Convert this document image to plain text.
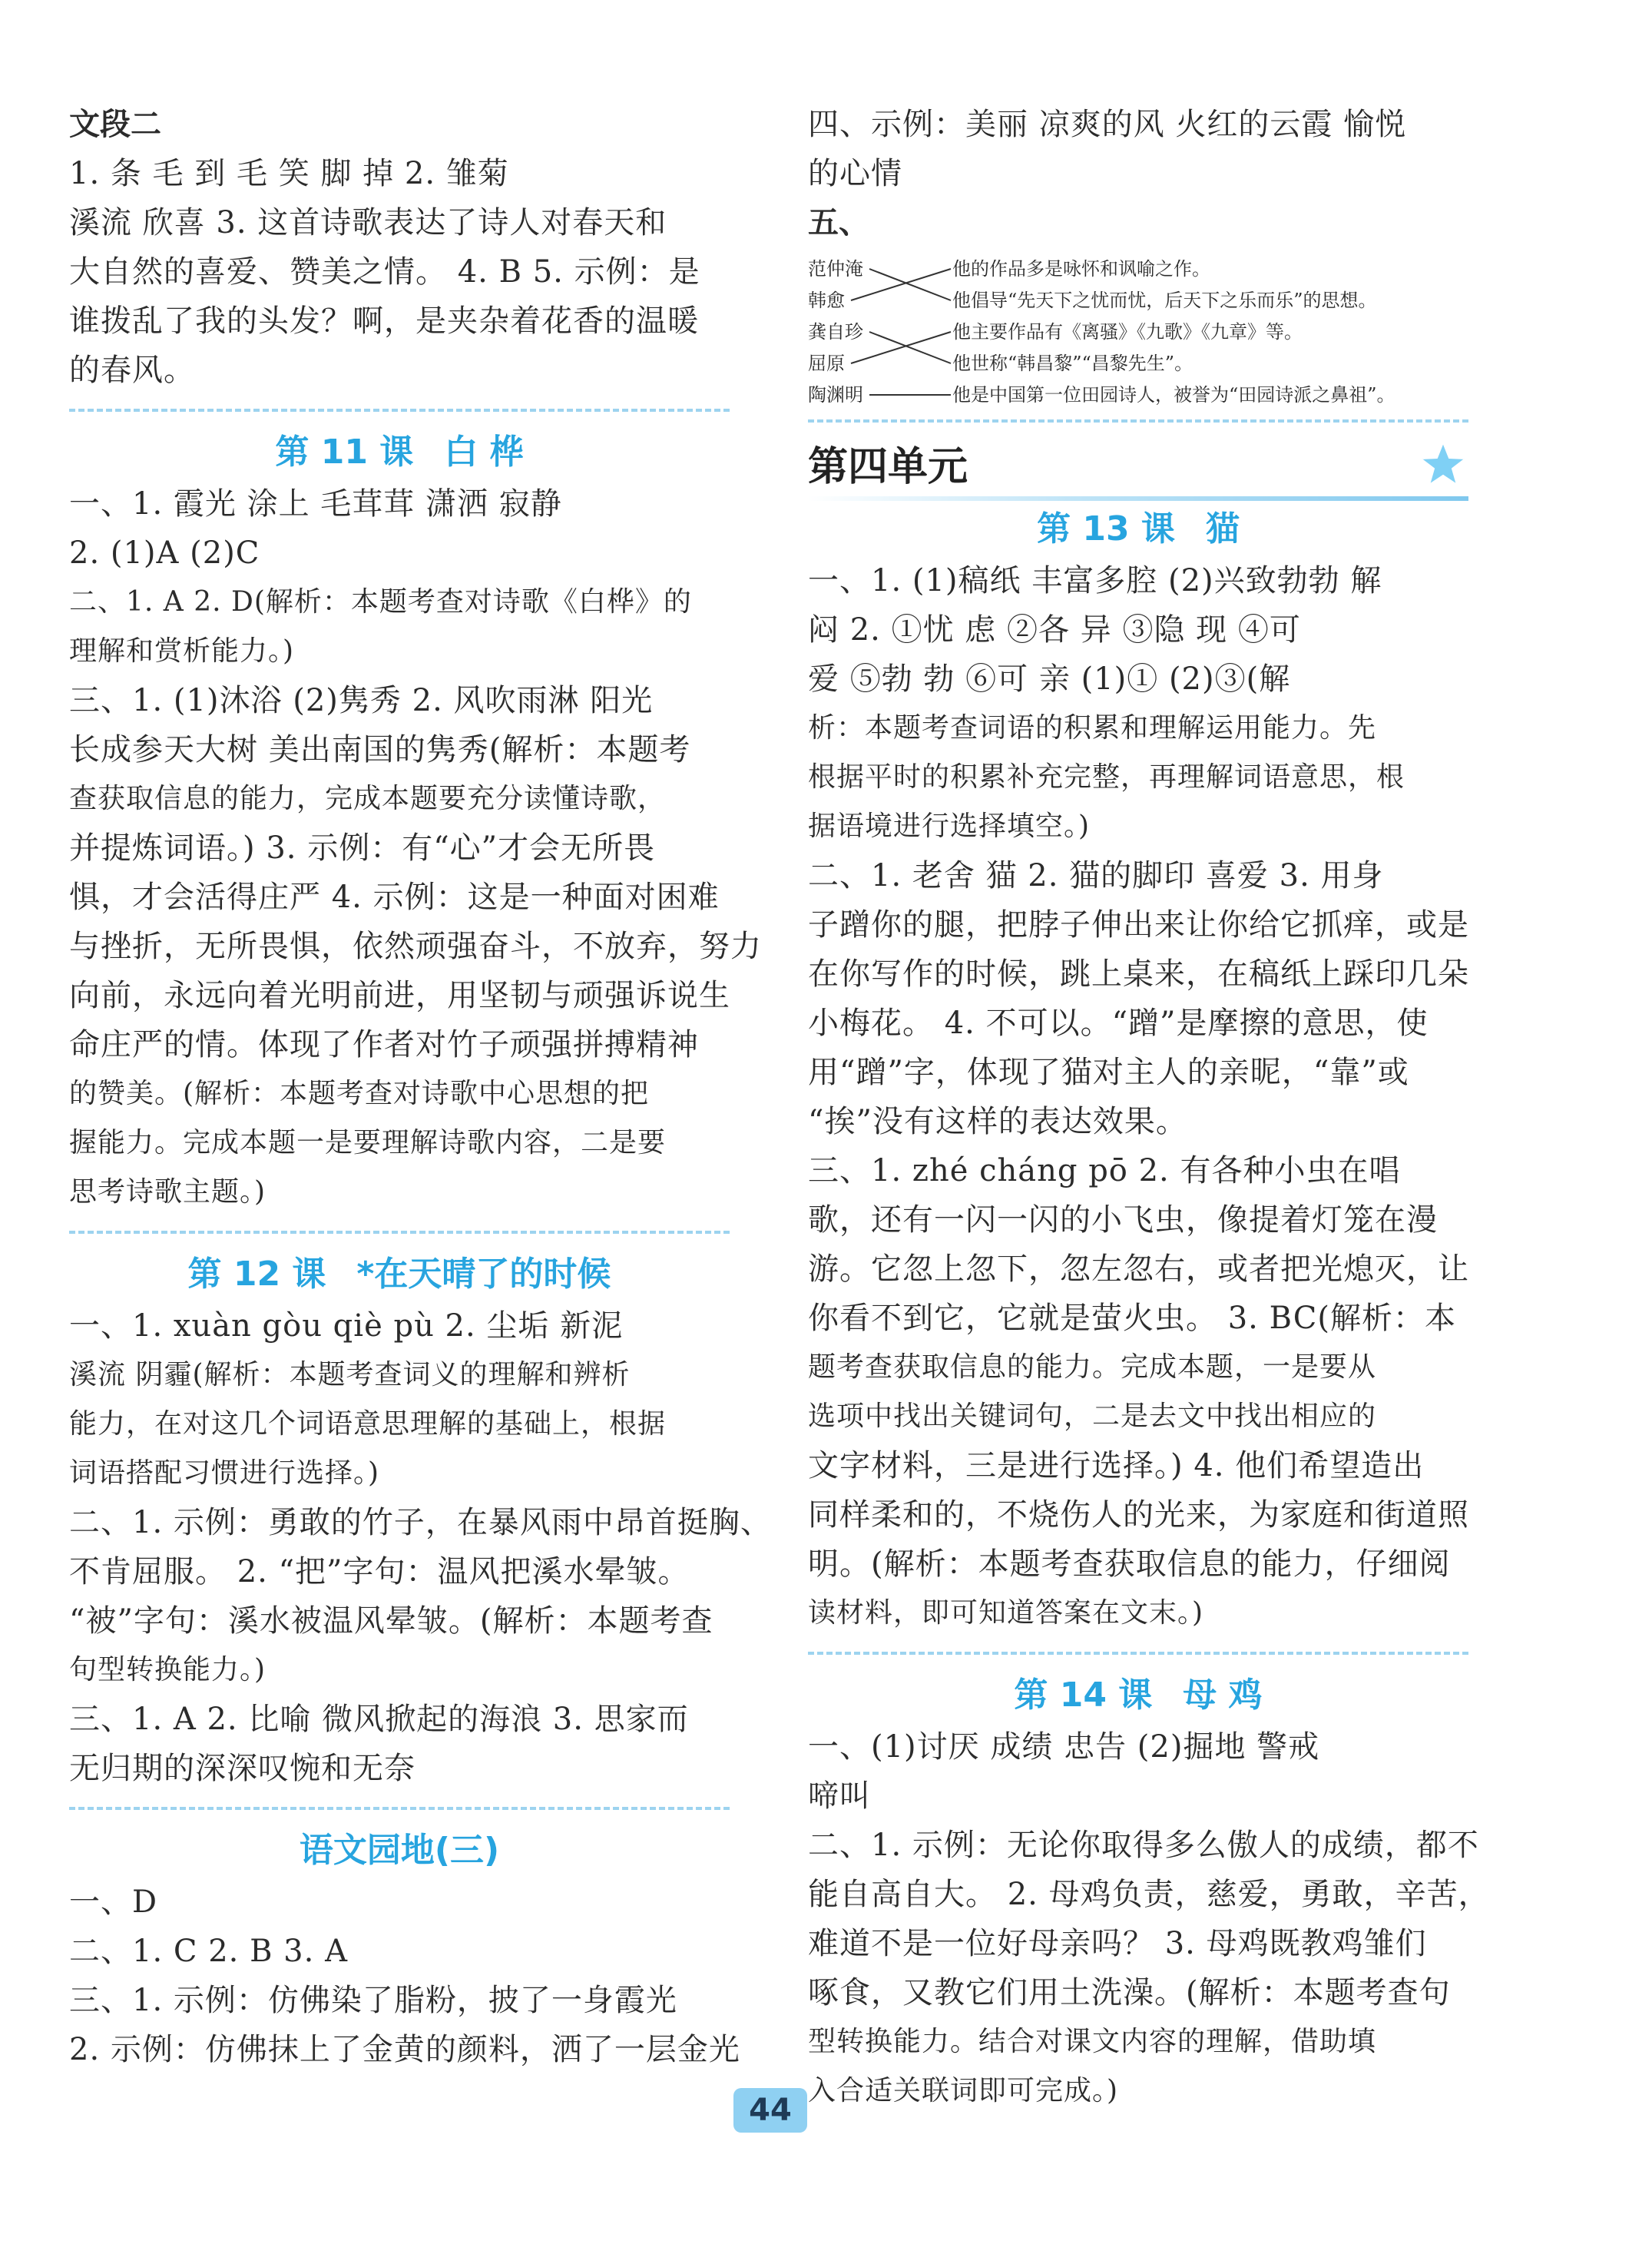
文段二
1. 条 毛 到 毛 笑 脚 掉 2. 雏菊
溪流 欣喜 3. 这首诗歌表达了诗人对春天和
大自然的喜爱、赞美之情。 4. B 5. 示例：是
谁拨乱了我的头发？啊，是夹杂着花香的温暖
的春风。
第 11 课 白 桦
一、1. 霞光 涂上 毛茸茸 潇洒 寂静
2. (1)A (2)C
二、1. A 2. D(解析：本题考查对诗歌《白桦》的
理解和赏析能力。)
三、1. (1)沐浴 (2)隽秀 2. 风吹雨淋 阳光
长成参天大树 美出南国的隽秀(解析：本题考
查获取信息的能力，完成本题要充分读懂诗歌，
并提炼词语。) 3. 示例：有“心”才会无所畏
惧，才会活得庄严 4. 示例：这是一种面对困难
与挫折，无所畏惧，依然顽强奋斗，不放弃，努力
向前，永远向着光明前进，用坚韧与顽强诉说生
命庄严的情。体现了作者对竹子顽强拼搏精神
的赞美。(解析：本题考查对诗歌中心思想的把
握能力。完成本题一是要理解诗歌内容，二是要
思考诗歌主题。)
第 12 课 *在天晴了的时候
一、1. xuàn gòu qiè pù 2. 尘垢 新泥
溪流 阴霾(解析：本题考查词义的理解和辨析
能力，在对这几个词语意思理解的基础上，根据
词语搭配习惯进行选择。)
二、1. 示例：勇敢的竹子，在暴风雨中昂首挺胸、
不肯屈服。 2. “把”字句：温风把溪水晕皱。
“被”字句：溪水被温风晕皱。(解析：本题考查
句型转换能力。)
三、1. A 2. 比喻 微风掀起的海浪 3. 思家而
无归期的深深叹惋和无奈
语文园地(三)
一、D
二、1. C 2. B 3. A
三、1. 示例：仿佛染了脂粉，披了一身霞光
2. 示例：仿佛抹上了金黄的颜料，洒了一层金光
四、示例：美丽 凉爽的风 火红的云霞 愉悦
的心情
五、
范仲淹
韩愈
龚自珍
屈原
陶渊明
他的作品多是咏怀和讽喻之作。
他倡导“先天下之忧而忧，后天下之乐而乐”的思想。
他主要作品有《离骚》《九歌》《九章》等。
他世称“韩昌黎”“昌黎先生”。
他是中国第一位田园诗人，被誉为“田园诗派之鼻祖”。
第四单元
第 13 课 猫
一、1. (1)稿纸 丰富多腔 (2)兴致勃勃 解
闷 2. ①忧 虑 ②各 异 ③隐 现 ④可
爱 ⑤勃 勃 ⑥可 亲 (1)① (2)③(解
析：本题考查词语的积累和理解运用能力。先
根据平时的积累补充完整，再理解词语意思，根
据语境进行选择填空。)
二、1. 老舍 猫 2. 猫的脚印 喜爱 3. 用身
子蹭你的腿，把脖子伸出来让你给它抓痒，或是
在你写作的时候，跳上桌来，在稿纸上踩印几朵
小梅花。 4. 不可以。“蹭”是摩擦的意思，使
用“蹭”字，体现了猫对主人的亲昵，“靠”或
“挨”没有这样的表达效果。
三、1. zhé cháng pō 2. 有各种小虫在唱
歌，还有一闪一闪的小飞虫，像提着灯笼在漫
游。它忽上忽下，忽左忽右，或者把光熄灭，让
你看不到它，它就是萤火虫。 3. BC(解析：本
题考查获取信息的能力。完成本题，一是要从
选项中找出关键词句，二是去文中找出相应的
文字材料，三是进行选择。) 4. 他们希望造出
同样柔和的，不烧伤人的光来，为家庭和街道照
明。(解析：本题考查获取信息的能力，仔细阅
读材料，即可知道答案在文末。)
第 14 课 母 鸡
一、(1)讨厌 成绩 忠告 (2)掘地 警戒
啼叫
二、1. 示例：无论你取得多么傲人的成绩，都不
能自高自大。 2. 母鸡负责，慈爱，勇敢，辛苦，
难道不是一位好母亲吗？ 3. 母鸡既教鸡雏们
啄食，又教它们用土洗澡。(解析：本题考查句
型转换能力。结合对课文内容的理解，借助填
入合适关联词即可完成。)
44
